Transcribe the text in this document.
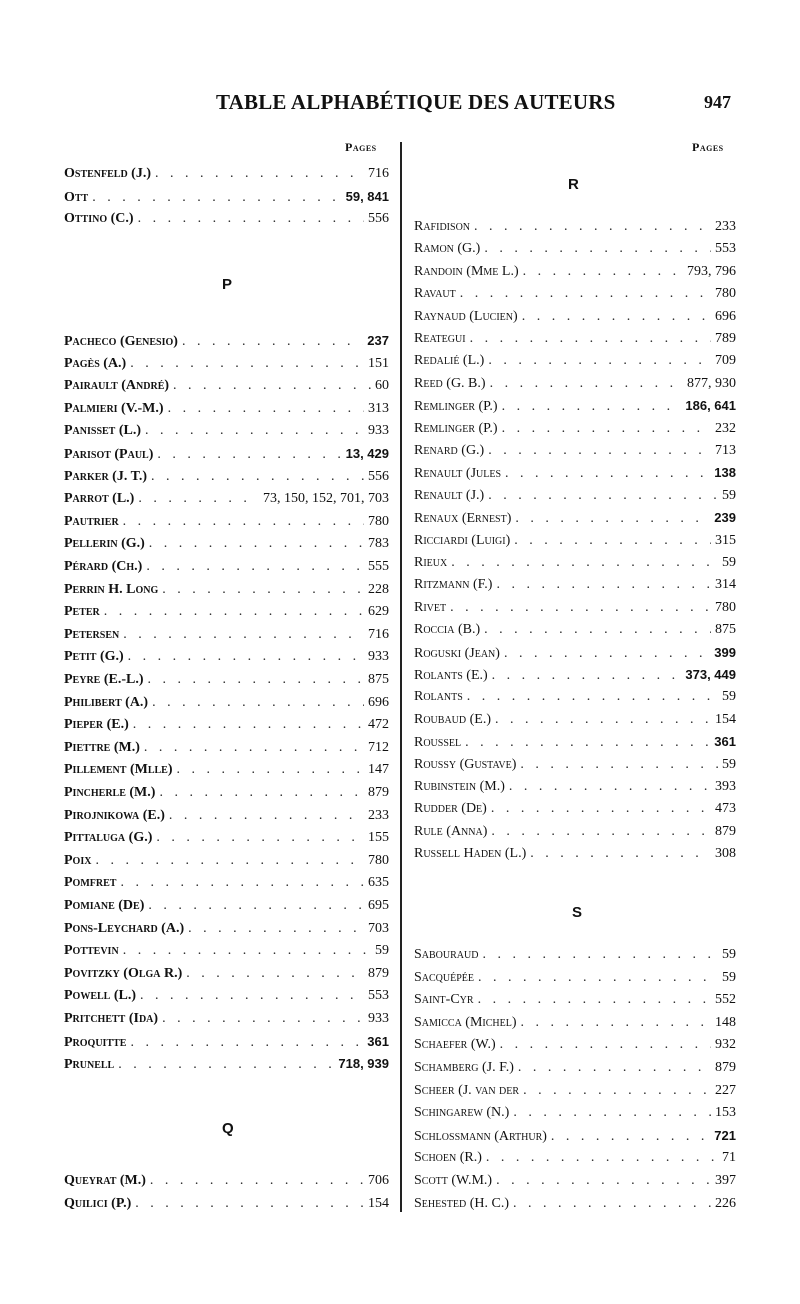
TABLE ALPHABÉTIQUE DES AUTEURS	947
Pages	Pages
Ostenfeld (J.) . . .	716
Ott . . .	59, 841
Ottino (C.) . . .	556
P
Pacheco (Genesio) . . .	237
Pagès (A.) . . .	151
Pairault (André) . . .	60
Palmieri (V.-M.) . . .	313
Panisset (L.) . . .	933
Parisot (Paul) . . .	13, 429
Parker (J. T.) . . .	556
Parrot (L.) . . .	73, 150, 152, 701, 703
Pautrier . . .	780
Pellerin (G.) . . .	783
Pérard (Ch.) . . .	555
Perrin H. Long . . .	228
Peter . . .	629
Petersen . . .	716
Petit (G.) . . .	933
Peyre (E.-L.) . . .	875
Philibert (A.) . . .	696
Pieper (E.) . . .	472
Piettre (M.) . . .	712
Pillement (Mlle) . . .	147
Pincherle (M.) . . .	879
Pirojnikowa (E.) . . .	233
Pittaluga (G.) . . .	155
Poix . . .	780
Pomfret . . .	635
Pomiane (De) . . .	695
Pons-Leychard (A.) . . .	703
Pottevin . . .	59
Povitzky (Olga R.) . . .	879
Powell (L.) . . .	553
Pritchett (Ida) . . .	933
Proquitte . . .	361
Prunell . . .	718, 939
Q
Queyrat (M.) . . .	706
Quilici (P.) . . .	154
R
Rafidison . . .	233
Ramon (G.) . . .	553
Randoin (Mme L.) . . .	793, 796
Ravaut . . .	780
Raynaud (Lucien) . . .	696
Reategui . . .	789
Redalié (L.) . . .	709
Reed (G. B.) . . .	877, 930
Remlinger (P.) . . .	186, 641
Remlinger (P.) . . .	232
Renard (G.) . . .	713
Renault (Jules . . .	138
Renault (J.) . . .	59
Renaux (Ernest) . . .	239
Ricciardi (Luigi) . . .	315
Rieux . . .	59
Ritzmann (F.) . . .	314
Rivet . . .	780
Roccia (B.) . . .	875
Roguski (Jean) . . .	399
Rolants (E.) . . .	373, 449
Rolants . . .	59
Roubaud (E.) . . .	154
Roussel . . .	361
Roussy (Gustave) . . .	59
Rubinstein (M.) . . .	393
Rudder (De) . . .	473
Rule (Anna) . . .	879
Russell Haden (L.) . . .	308
S
Sabouraud . . .	59
Sacquépée . . .	59
Saint-Cyr . . .	552
Samicca (Michel) . . .	148
Schaefer (W.) . . .	932
Schamberg (J. F.) . . .	879
Scheer (J. van der . . .	227
Schingarew (N.) . . .	153
Schlossmann (Arthur) . . .	721
Schoen (R.) . . .	71
Scott (W.M.) . . .	397
Sehested (H. C.) . . .	226
